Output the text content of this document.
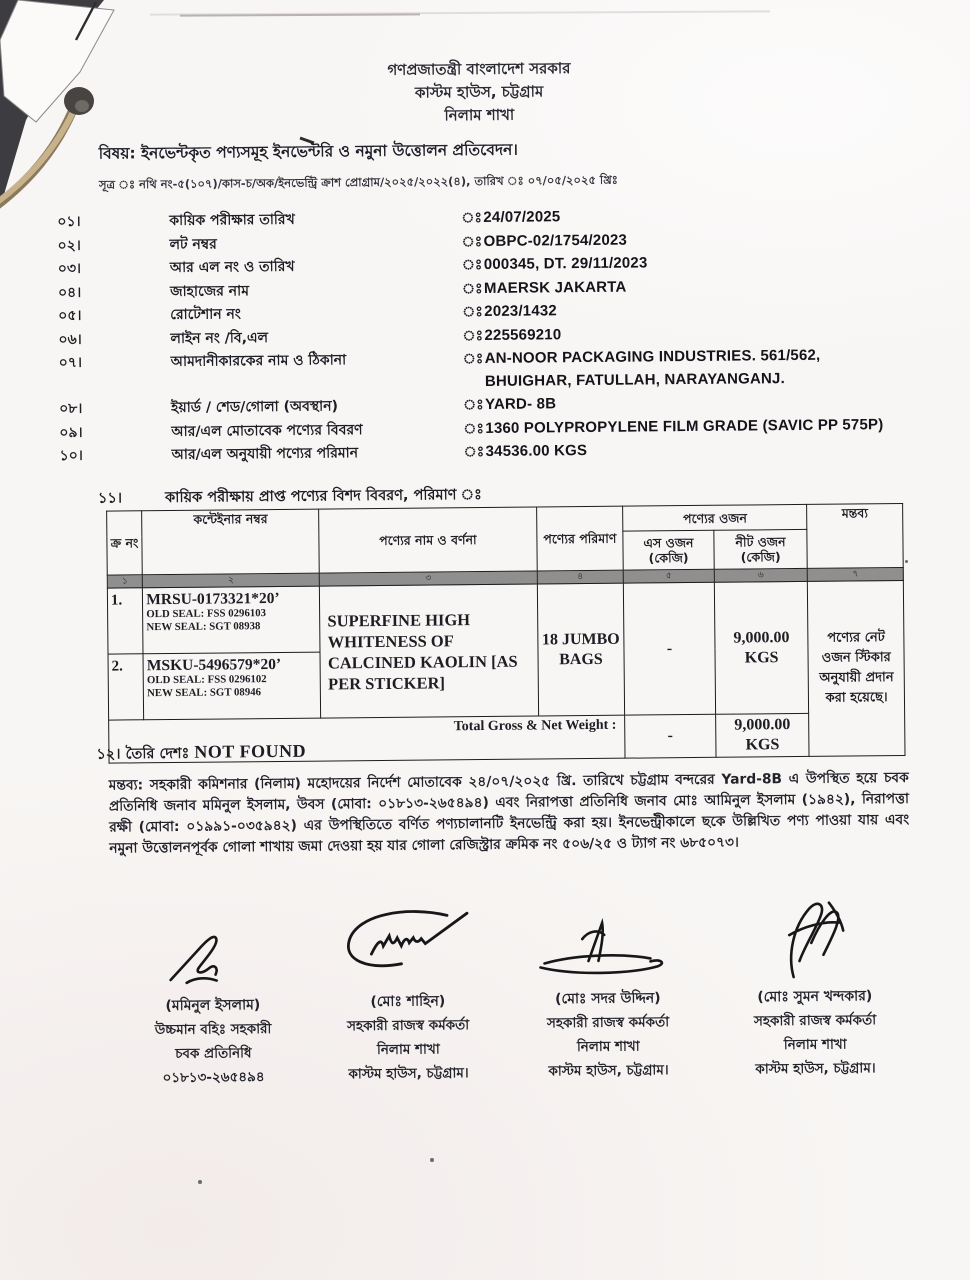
গণপ্রজাতন্ত্রী বাংলাদেশ সরকার
কাস্টম হাউস, চট্টগ্রাম
নিলাম শাখা
বিষয়: ইনভেন্টকৃত পণ্যসমূহ ইনভেন্টরি ও নমুনা উত্তোলন প্রতিবেদন।
সূত্র ঃ নথি নং-৫(১০৭)/কাস-চ/অক/ইনভেন্ট্রি ক্রাশ প্রোগ্রাম/২০২৫/২০২২(৪), তারিখ ঃ ০৭/০৫/২০২৫ খ্রিঃ
০১।	কায়িক পরীক্ষার তারিখ	ঃ 24/07/2025
০২।	লট নম্বর	ঃ OBPC-02/1754/2023
০৩।	আর এল নং ও তারিখ	ঃ 000345, DT. 29/11/2023
০৪।	জাহাজের নাম	ঃ MAERSK JAKARTA
০৫।	রোটেশান নং	ঃ 2023/1432
০৬।	লাইন নং /বি,এল	ঃ 225569210
০৭।	আমদানীকারকের নাম ও ঠিকানা	ঃ AN-NOOR PACKAGING INDUSTRIES. 561/562, BHUIGHAR, FATULLAH, NARAYANGANJ.
০৮।	ইয়ার্ড / শেড/গোলা (অবস্থান)	ঃ YARD- 8B
০৯।	আর/এল মোতাবেক পণ্যের বিবরণ	ঃ 1360 POLYPROPYLENE FILM GRADE (SAVIC PP 575P)
১০।	আর/এল অনুযায়ী পণ্যের পরিমান	ঃ 34536.00 KGS
১১।	কায়িক পরীক্ষায় প্রাপ্ত পণ্যের বিশদ বিবরণ, পরিমাণ ঃ
ক্র নং	কন্টেইনার নম্বর	পণ্যের নাম ও বর্ণনা	পণ্যের পরিমাণ	পণ্যের ওজন		মন্তব্য
				এস ওজন (কেজি)	নীট ওজন (কেজি)	
১	২	৩	৪	৫	৬	৭
1.	MRSU-0173321*20’
OLD SEAL: FSS 0296103
NEW SEAL: SGT 08938	SUPERFINE HIGH WHITENESS OF CALCINED KAOLIN [AS PER STICKER]	18 JUMBO BAGS	-	9,000.00 KGS	পণ্যের নেট ওজন স্টিকার অনুযায়ী প্রদান করা হয়েছে।
2.	MSKU-5496579*20’
OLD SEAL: FSS 0296102
NEW SEAL: SGT 08946					

Total Gross & Net Weight :				-	9,000.00 KGS	
১২। তৈরি দেশঃ NOT FOUND
মন্তব্য: সহকারী কমিশনার (নিলাম) মহোদয়ের নির্দেশ মোতাবেক ২৪/০৭/২০২৫ খ্রি. তারিখে চট্টগ্রাম বন্দরের Yard-8B এ উপস্থিত হয়ে চবক প্রতিনিধি জনাব মমিনুল ইসলাম, উবস (মোবা: ০১৮১৩-২৬৫৪৯৪) এবং নিরাপত্তা প্রতিনিধি জনাব মোঃ আমিনুল ইসলাম (১৯৪২), নিরাপত্তা রক্ষী (মোবা: ০১৯৯১-০৩৫৯৪২) এর উপস্থিতিতে বর্ণিত পণ্যচালানটি ইনভেন্ট্রি করা হয়। ইনভেন্ট্রীকালে ছকে উল্লিখিত পণ্য পাওয়া যায় এবং নমুনা উত্তোলনপূর্বক গোলা শাখায় জমা দেওয়া হয় যার গোলা রেজিস্ট্রার ক্রমিক নং ৫০৬/২৫ ও ট্যাগ নং ৬৮৫০৭৩।
(মমিনুল ইসলাম)
উচ্চমান বহিঃ সহকারী
চবক প্রতিনিধি
০১৮১৩-২৬৫৪৯৪
(মোঃ শাহিন)
সহকারী রাজস্ব কর্মকর্তা
নিলাম শাখা
কাস্টম হাউস, চট্টগ্রাম।
(মোঃ সদর উদ্দিন)
সহকারী রাজস্ব কর্মকর্তা
নিলাম শাখা
কাস্টম হাউস, চট্টগ্রাম।
(মোঃ সুমন খন্দকার)
সহকারী রাজস্ব কর্মকর্তা
নিলাম শাখা
কাস্টম হাউস, চট্টগ্রাম।
